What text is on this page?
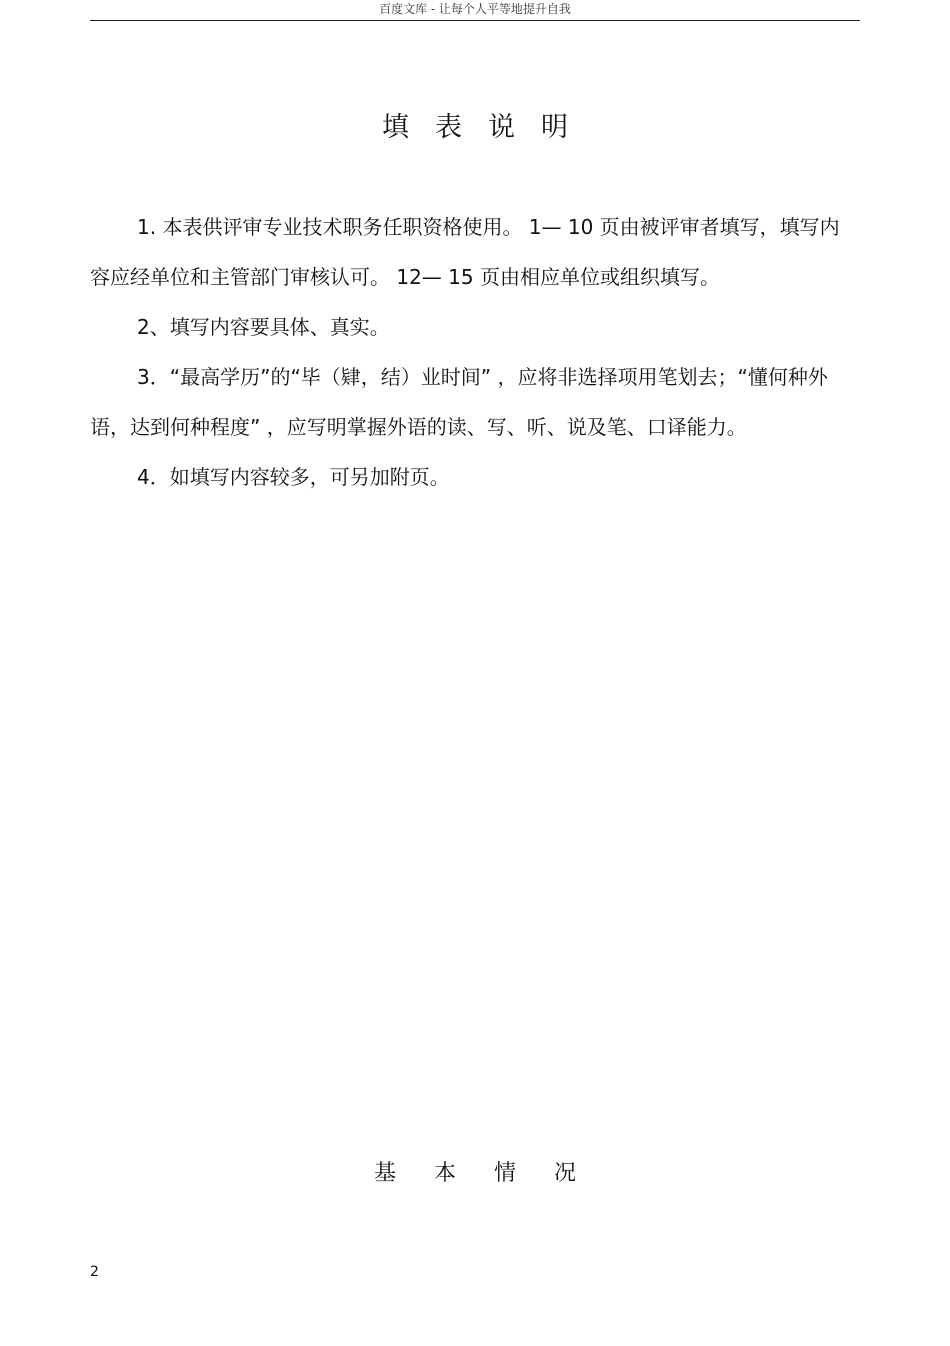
百度文库 - 让每个人平等地提升自我
填表说明

1. 本表供评审专业技术职务任职资格使用。 1— 10 页由被评审者填写，填写内容应经单位和主管部门审核认可。 12— 15 页由相应单位或组织填写。

2、填写内容要具体、真实。

3．“最高学历”的“毕（肄，结）业时间” ，应将非选择项用笔划去；“懂何种外语，达到何种程度” ，应写明掌握外语的读、写、听、说及笔、口译能力。

4．如填写内容较多，可另加附页。

基本情况
2
